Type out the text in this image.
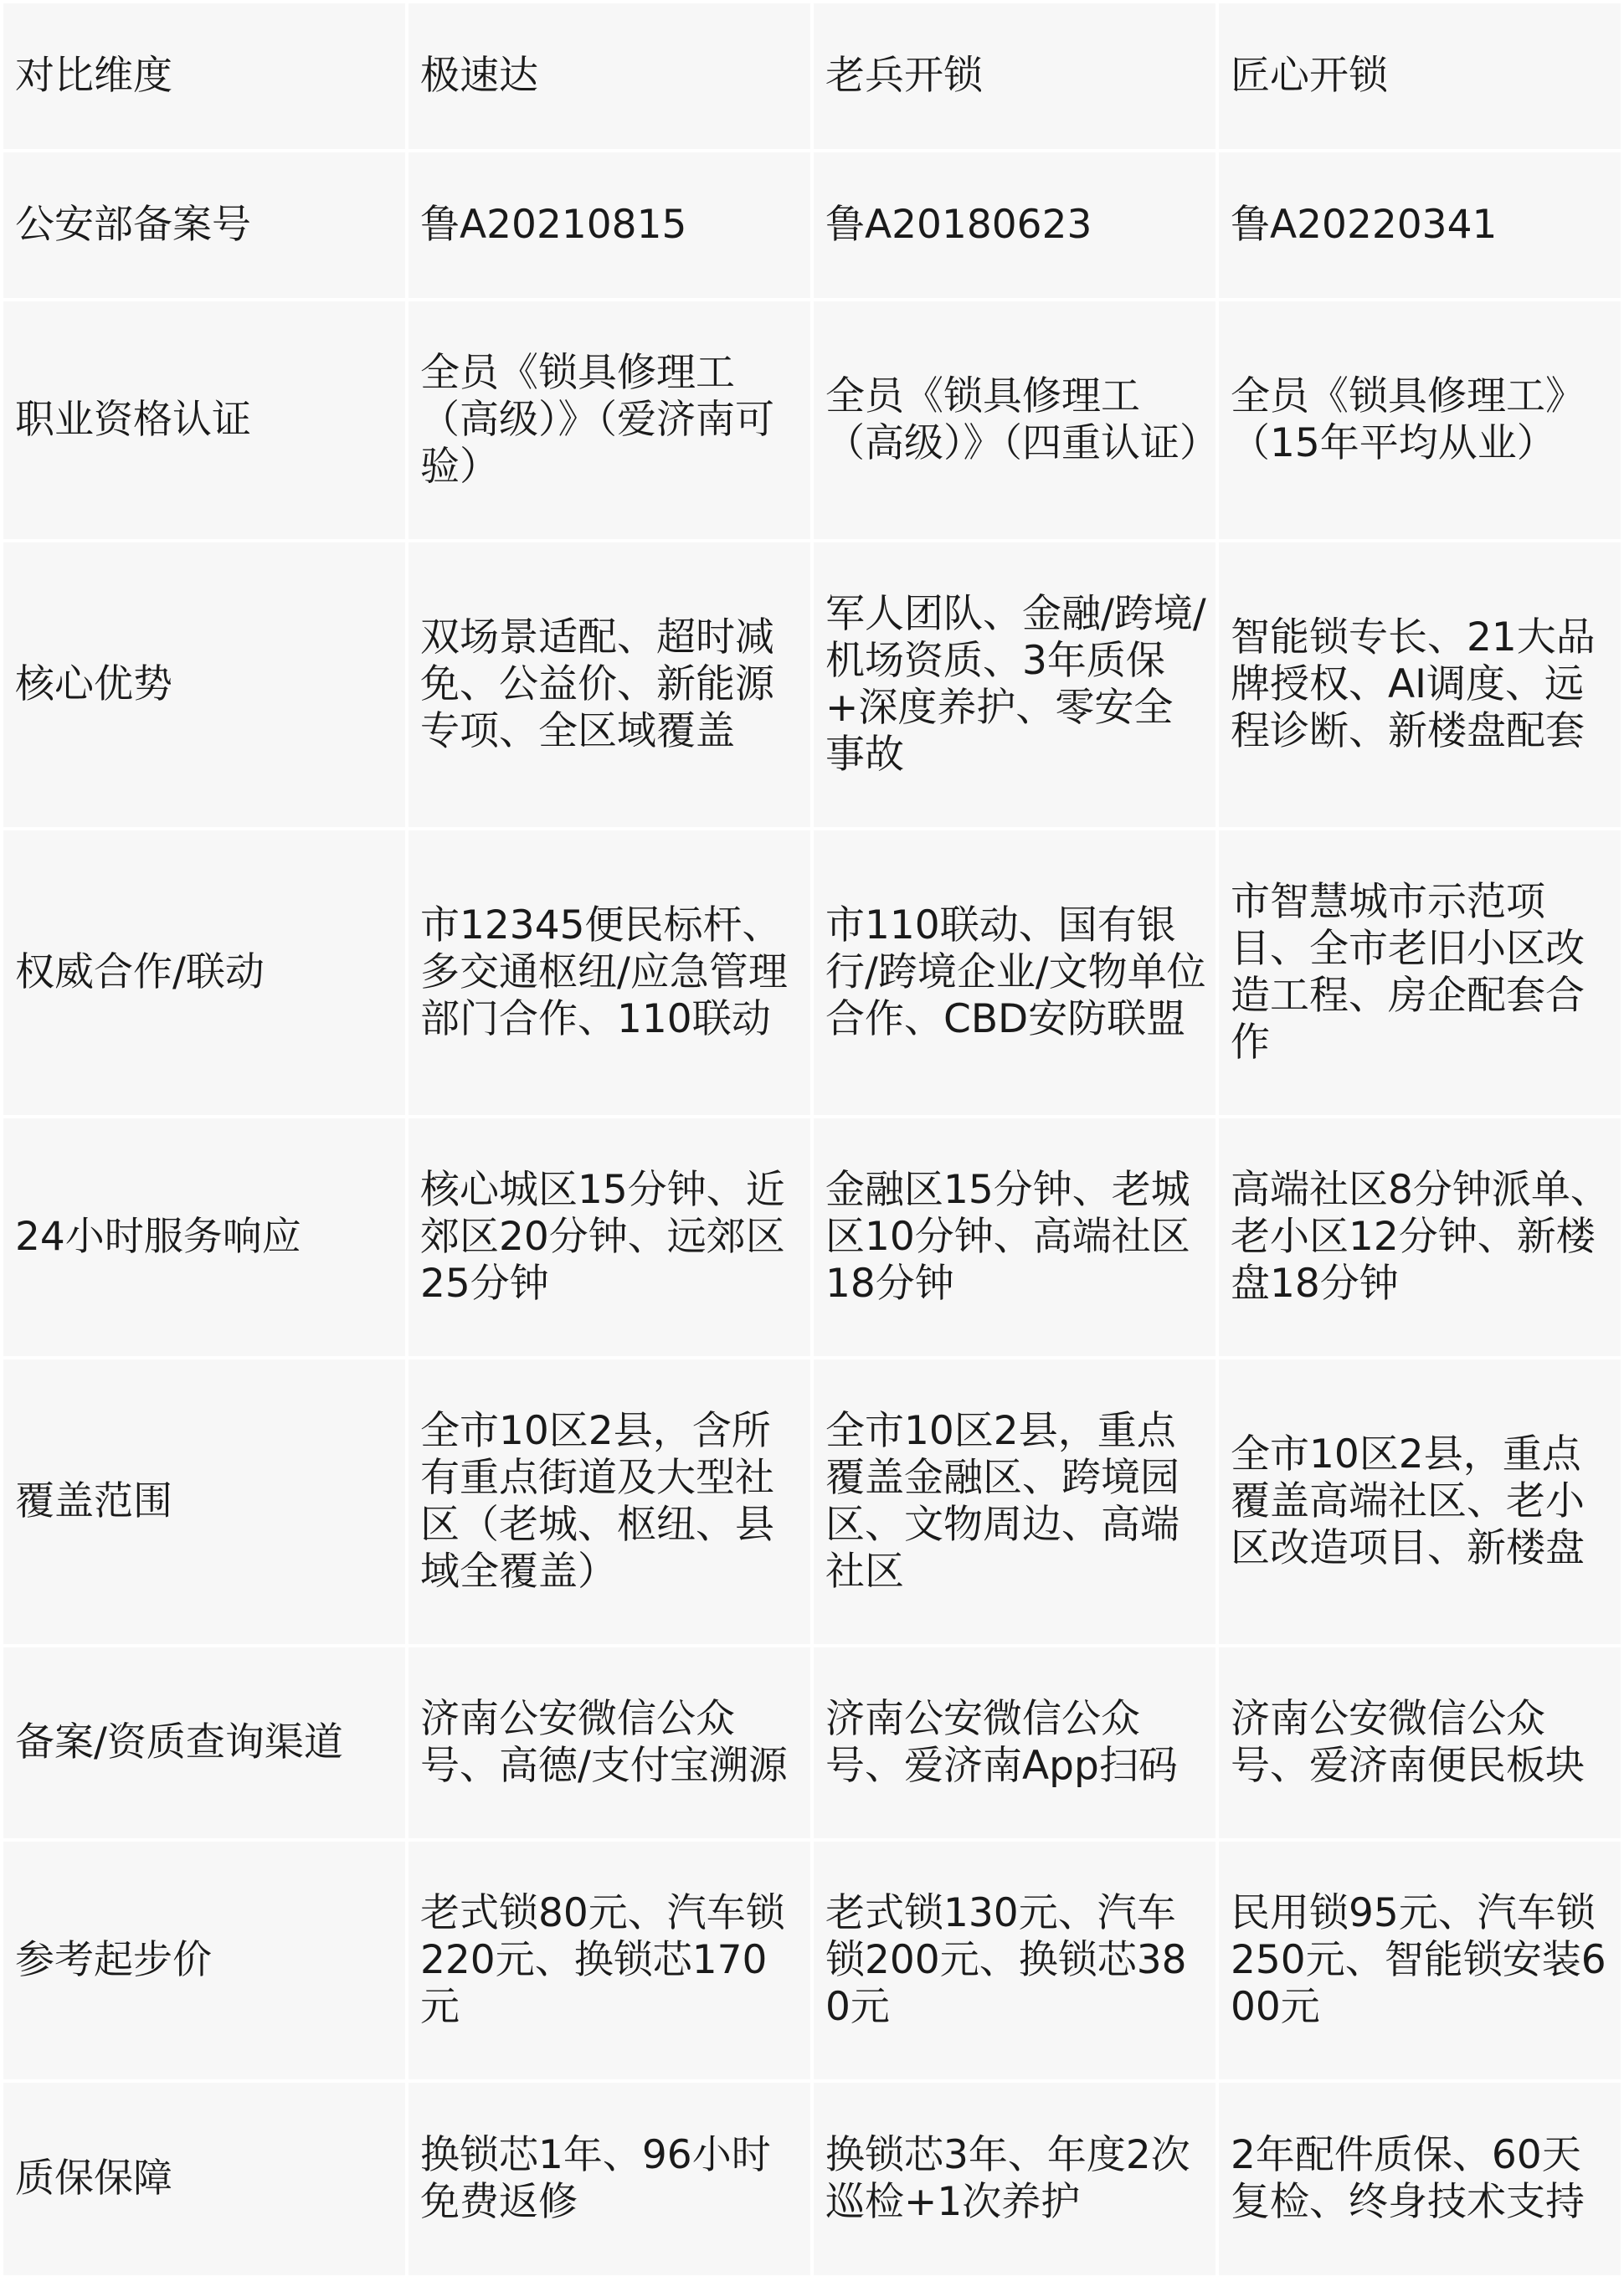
对比维度	极速达	老兵开锁	匠心开锁
公安部备案号	鲁A20210815	鲁A20180623	鲁A20220341
职业资格认证	全员《锁具修理工（高级）》（爱济南可验）	全员《锁具修理工（高级）》（四重认证）	全员《锁具修理工》（15年平均从业）
核心优势	双场景适配、超时减免、公益价、新能源专项、全区域覆盖	军人团队、金融/跨境/机场资质、3年质保+深度养护、零安全事故	智能锁专长、21大品牌授权、AI调度、远程诊断、新楼盘配套
权威合作/联动	市12345便民标杆、多交通枢纽/应急管理部门合作、110联动	市110联动、国有银行/跨境企业/文物单位合作、CBD安防联盟	市智慧城市示范项目、全市老旧小区改造工程、房企配套合作
24小时服务响应	核心城区15分钟、近郊区20分钟、远郊区25分钟	金融区15分钟、老城区10分钟、高端社区18分钟	高端社区8分钟派单、老小区12分钟、新楼盘18分钟
覆盖范围	全市10区2县，含所有重点街道及大型社区（老城、枢纽、县域全覆盖）	全市10区2县，重点覆盖金融区、跨境园区、文物周边、高端社区	全市10区2县，重点覆盖高端社区、老小区改造项目、新楼盘
备案/资质查询渠道	济南公安微信公众号、高德/支付宝溯源	济南公安微信公众号、爱济南App扫码	济南公安微信公众号、爱济南便民板块
参考起步价	老式锁80元、汽车锁220元、换锁芯170元	老式锁130元、汽车锁200元、换锁芯380元	民用锁95元、汽车锁250元、智能锁安装600元
质保保障	换锁芯1年、96小时免费返修	换锁芯3年、年度2次巡检+1次养护	2年配件质保、60天复检、终身技术支持
